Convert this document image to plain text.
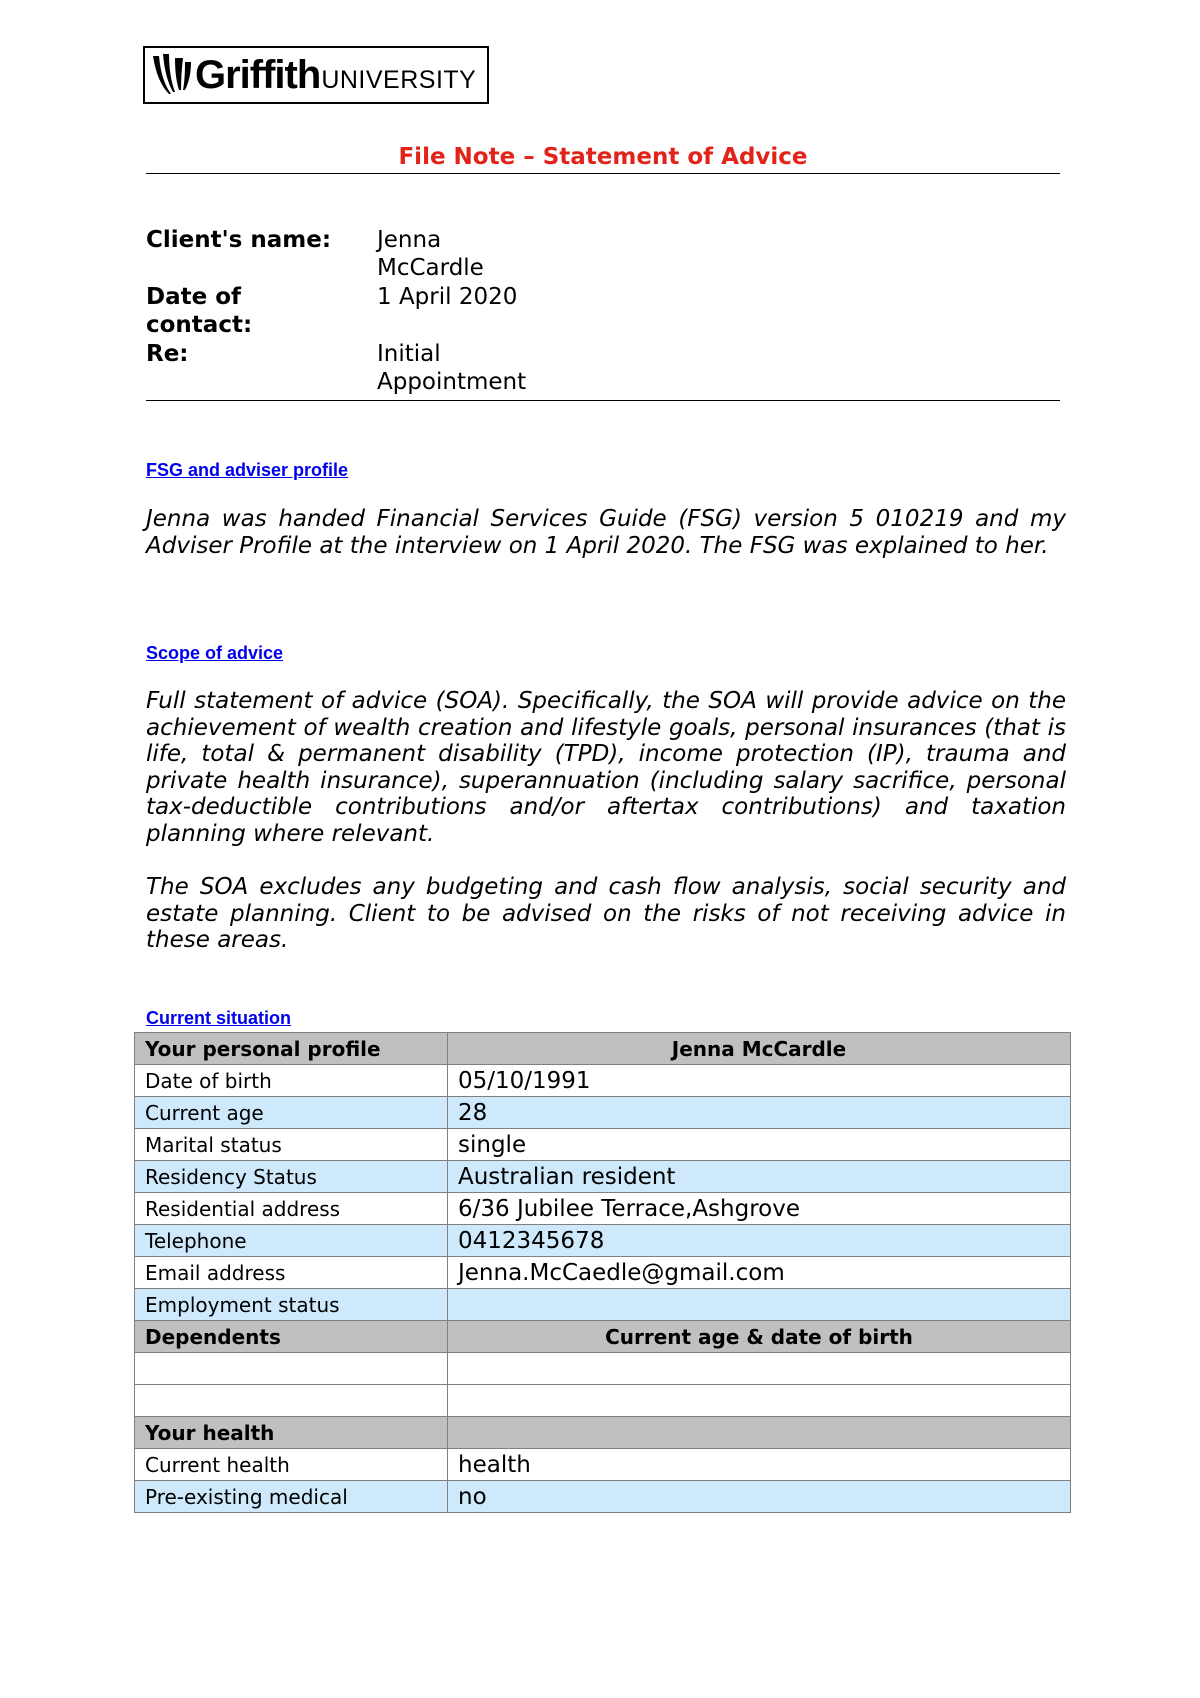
Griffith UNIVERSITY
File Note – Statement of Advice
Client's name:	Jenna McCardle
Date of contact:
1 April 2020
Re:	Initial Appointment
FSG and adviser profile
Jenna was handed Financial Services Guide (FSG) version 5 010219 and my Adviser Profile at the interview on 1 April 2020. The FSG was explained to her.
Scope of advice
Full statement of advice (SOA). Specifically, the SOA will provide advice on the achievement of wealth creation and lifestyle goals, personal insurances (that is life, total & permanent disability (TPD), income protection (IP), trauma and private health insurance), superannuation (including salary sacrifice, personal tax-deductible contributions and/or aftertax contributions) and taxation planning where relevant.
The SOA excludes any budgeting and cash flow analysis, social security and estate planning. Client to be advised on the risks of not receiving advice in these areas.
Current situation
Your personal profile	Jenna McCardle
Date of birth	05/10/1991
Current age	28
Marital status	single
Residency Status	Australian resident
Residential address	6/36 Jubilee Terrace,Ashgrove
Telephone	0412345678
Email address	Jenna.McCaedle@gmail.com
Employment status	
Dependents	Current age & date of birth

Your health	
Current health	health
Pre-existing medical	no
